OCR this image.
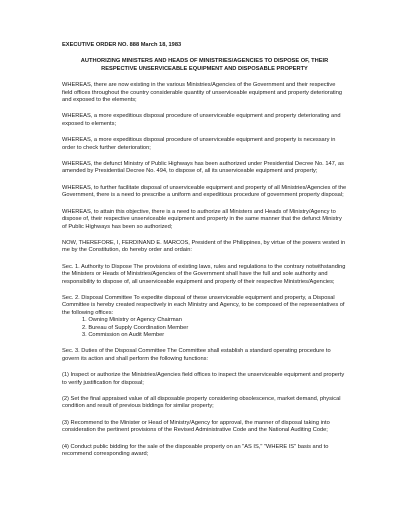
EXECUTIVE ORDER NO. 888 March 18, 1983
AUTHORIZING MINISTERS AND HEADS OF MINISTRIES/AGENCIES TO DISPOSE OF, THEIR RESPECTIVE UNSERVICEABLE EQUIPMENT AND DISPOSABLE PROPERTY

WHEREAS, there are now existing in the various Ministries/Agencies of the Government and their respective field offices throughout the country considerable quantity of unserviceable equipment and property deteriorating and exposed to the elements;

WHEREAS, a more expeditious disposal procedure of unserviceable equipment and property deteriorating and exposed to elements;

WHEREAS, a more expeditious disposal procedure of unserviceable equipment and property is necessary in order to check further deterioration;

WHEREAS, the defunct Ministry of Public Highways has been authorized under Presidential Decree No. 147, as amended by Presidential Decree No. 494, to dispose of, all its unserviceable equipment and property;

WHEREAS, to further facilitate disposal of unserviceable equipment and property of all Ministries/Agencies of the Government, there is a need to prescribe a uniform and expeditious procedure of government property disposal;

WHEREAS, to attain this objective, there is a need to authorize all Ministers and Heads of Ministry/Agency to dispose of, their respective unserviceable equipment and property in the same manner that the defunct Ministry of Public Highways has been so authorized;

NOW, THEREFORE, I, FERDINAND E. MARCOS, President of the Philippines, by virtue of the powers vested in me by the Constitution, do hereby order and ordain:

Sec. 1. Authority to Dispose The provisions of existing laws, rules and regulations to the contrary notwithstanding the Ministers or Heads of Ministries/Agencies of the Government shall have the full and sole authority and responsibility to dispose of, all unserviceable equipment and property of their respective Ministries/Agencies;

Sec. 2. Disposal Committee To expedite disposal of these unserviceable equipment and property, a Disposal Committee is hereby created respectively in each Ministry and Agency, to be composed of the representatives of the following offices:

1. Owning Ministry or Agency Chairman
2. Bureau of Supply Coordination Member
3. Commission on Audit Member

Sec. 3. Duties of the Disposal Committee The Committee shall establish a standard operating procedure to govern its action and shall perform the following functions:

(1) Inspect or authorize the Ministries/Agencies field offices to inspect the unserviceable equipment and property to verify justification for disposal;

(2) Set the final appraised value of all disposable property considering obsolescence, market demand, physical condition and result of previous biddings for similar property;

(3) Recommend to the Minister or Head of Ministry/Agency for approval, the manner of disposal taking into consideration the pertinent provisions of the Revised Administrative Code and the National Auditing Code;

(4) Conduct public bidding for the sale of the disposable property on an "AS IS," "WHERE IS" basis and to recommend corresponding award;
